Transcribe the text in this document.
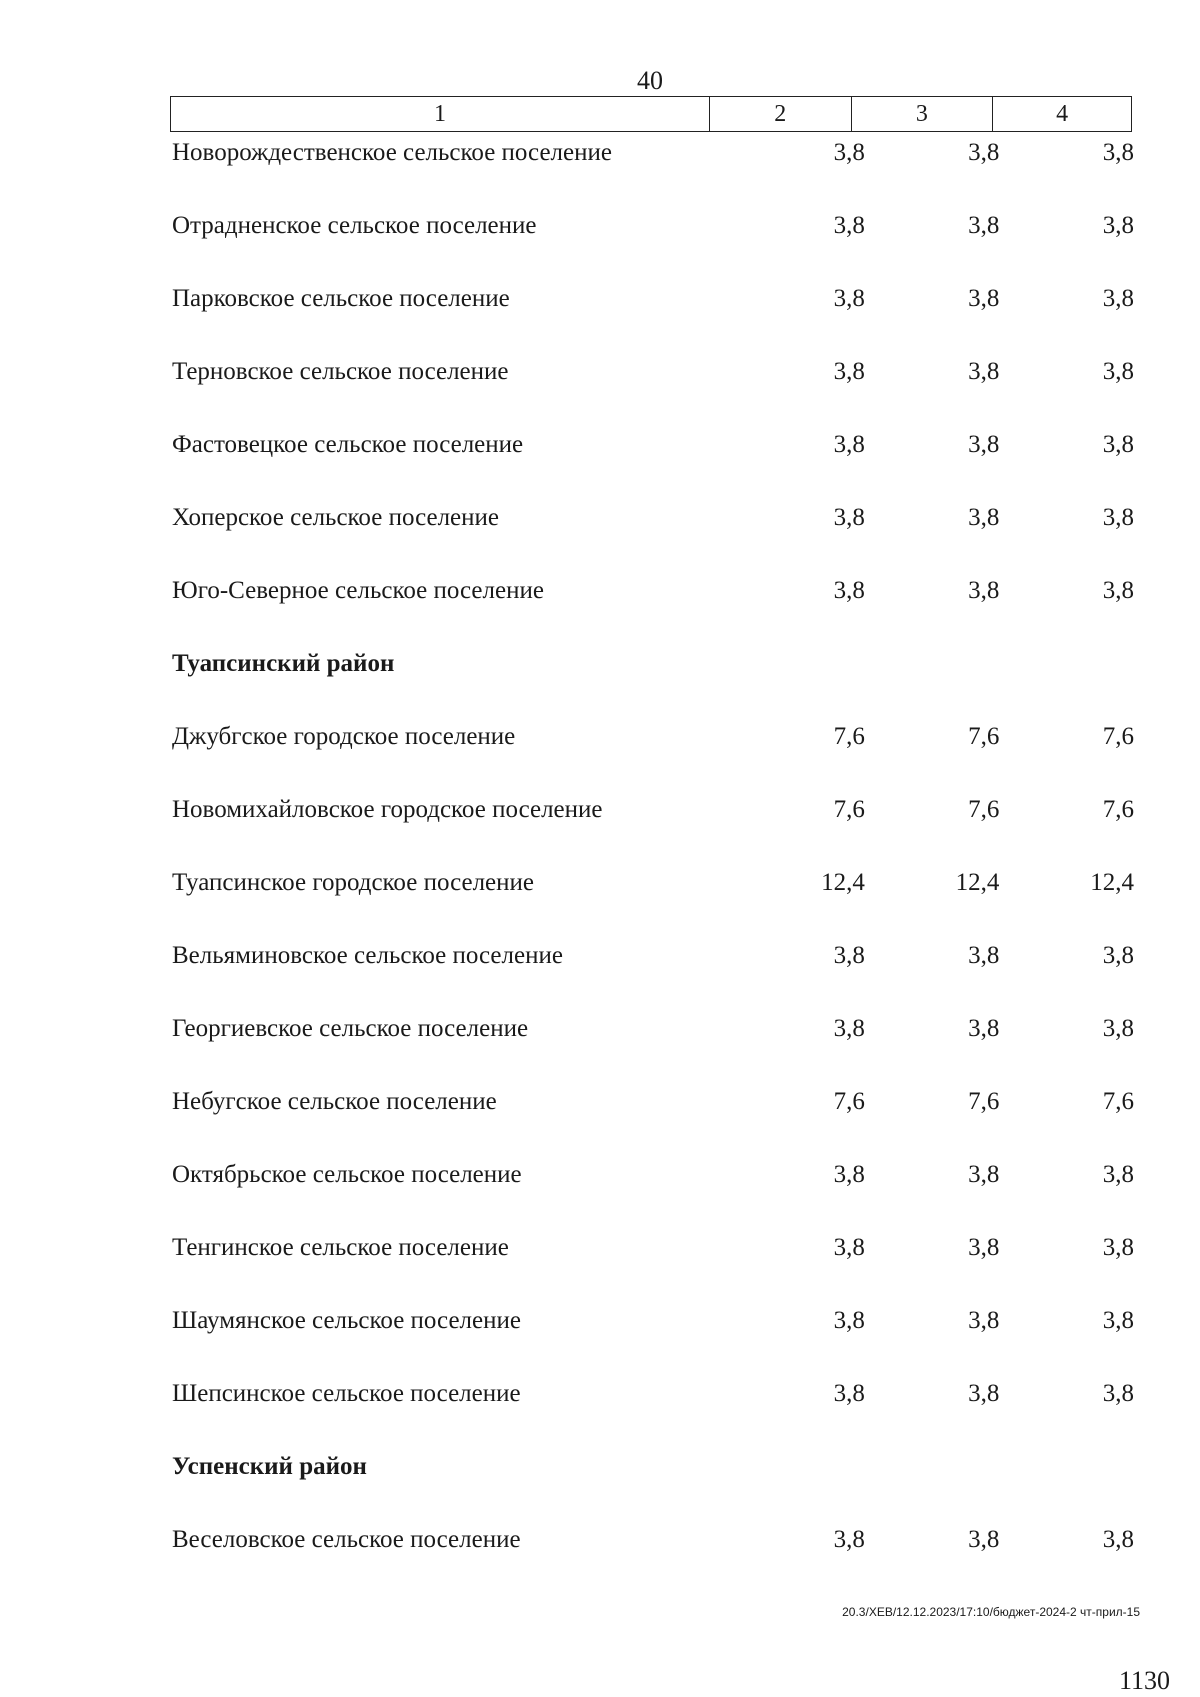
40
1	2	3	4
Новорождественское сельское поселение	3,8	3,8	3,8
Отрадненское сельское поселение	3,8	3,8	3,8
Парковское сельское поселение	3,8	3,8	3,8
Терновское сельское поселение	3,8	3,8	3,8
Фастовецкое сельское поселение	3,8	3,8	3,8
Хоперское сельское поселение	3,8	3,8	3,8
Юго-Северное сельское поселение	3,8	3,8	3,8
Туапсинский район
Джубгское городское поселение	7,6	7,6	7,6
Новомихайловское городское поселение	7,6	7,6	7,6
Туапсинское городское поселение	12,4	12,4	12,4
Вельяминовское сельское поселение	3,8	3,8	3,8
Георгиевское сельское поселение	3,8	3,8	3,8
Небугское сельское поселение	7,6	7,6	7,6
Октябрьское сельское поселение	3,8	3,8	3,8
Тенгинское сельское поселение	3,8	3,8	3,8
Шаумянское сельское поселение	3,8	3,8	3,8
Шепсинское сельское поселение	3,8	3,8	3,8
Успенский район
Веселовское сельское поселение	3,8	3,8	3,8
20.3/ХЕВ/12.12.2023/17:10/бюджет-2024-2 чт-прил-15
1130
